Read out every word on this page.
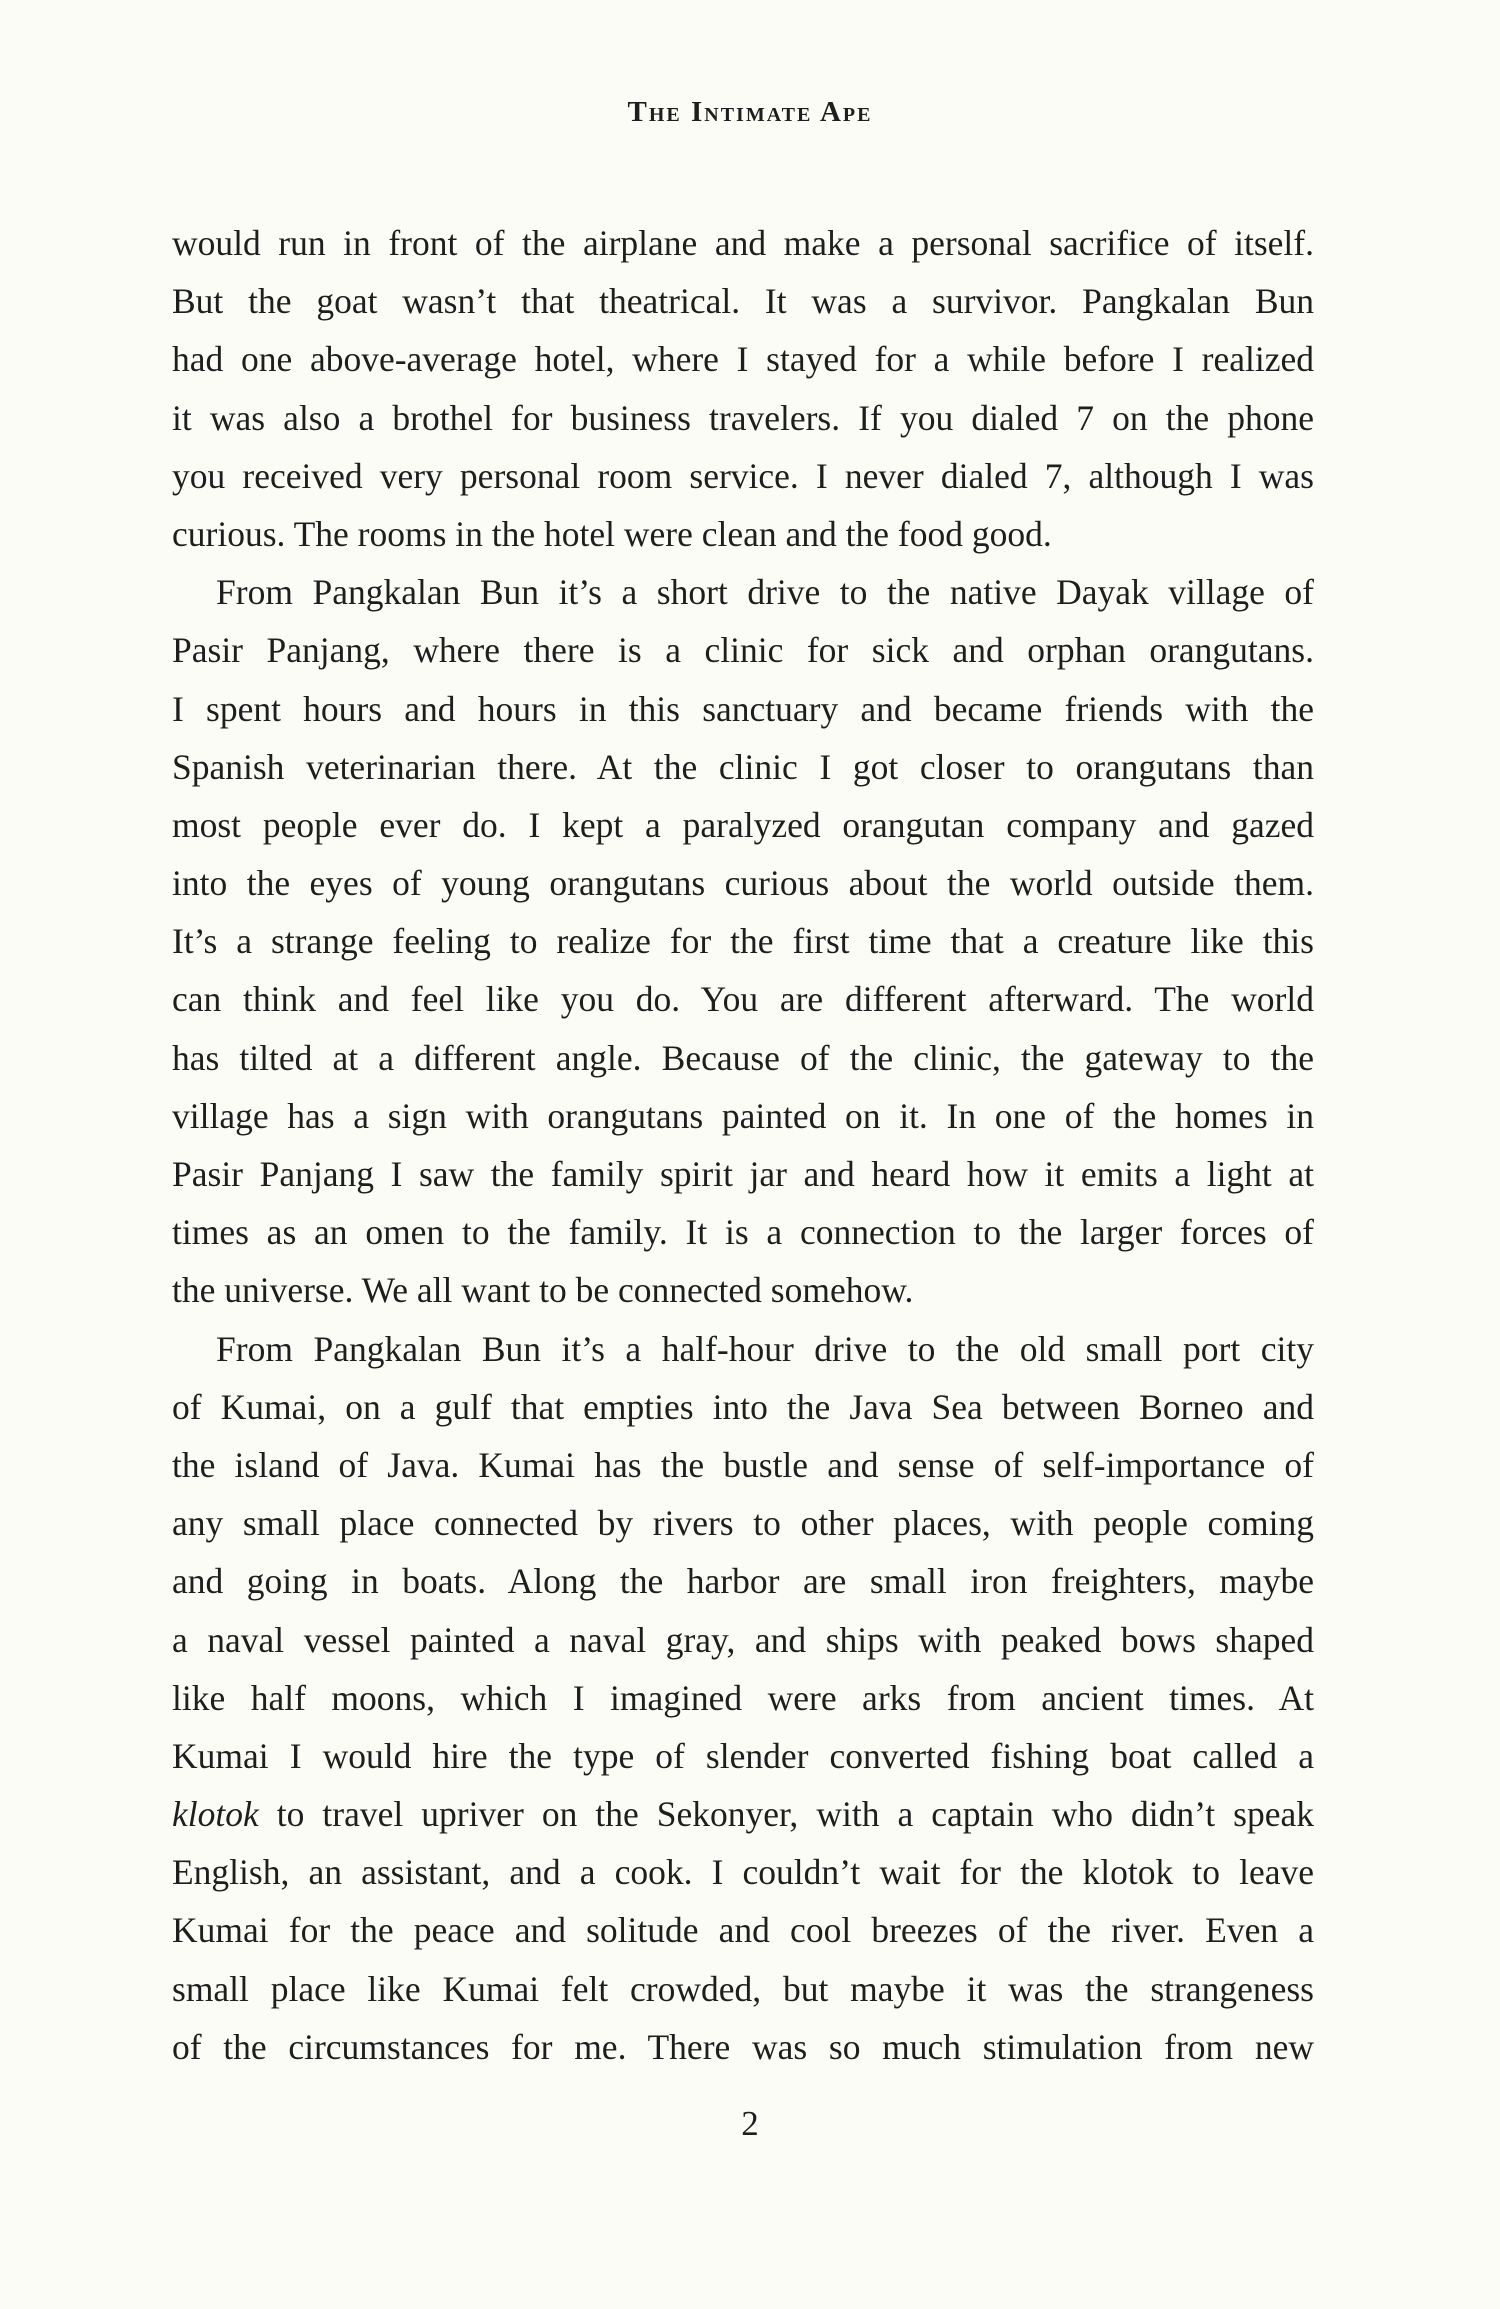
The Intimate Ape
would run in front of the airplane and make a personal sacrifice of itself.
But the goat wasn’t that theatrical. It was a survivor. Pangkalan Bun
had one above-average hotel, where I stayed for a while before I realized
it was also a brothel for business travelers. If you dialed 7 on the phone
you received very personal room service. I never dialed 7, although I was
curious. The rooms in the hotel were clean and the food good.
From Pangkalan Bun it’s a short drive to the native Dayak village of
Pasir Panjang, where there is a clinic for sick and orphan orangutans.
I spent hours and hours in this sanctuary and became friends with the
Spanish veterinarian there. At the clinic I got closer to orangutans than
most people ever do. I kept a paralyzed orangutan company and gazed
into the eyes of young orangutans curious about the world outside them.
It’s a strange feeling to realize for the first time that a creature like this
can think and feel like you do. You are different afterward. The world
has tilted at a different angle. Because of the clinic, the gateway to the
village has a sign with orangutans painted on it. In one of the homes in
Pasir Panjang I saw the family spirit jar and heard how it emits a light at
times as an omen to the family. It is a connection to the larger forces of
the universe. We all want to be connected somehow.
From Pangkalan Bun it’s a half-hour drive to the old small port city
of Kumai, on a gulf that empties into the Java Sea between Borneo and
the island of Java. Kumai has the bustle and sense of self-importance of
any small place connected by rivers to other places, with people coming
and going in boats. Along the harbor are small iron freighters, maybe
a naval vessel painted a naval gray, and ships with peaked bows shaped
like half moons, which I imagined were arks from ancient times. At
Kumai I would hire the type of slender converted fishing boat called a
klotok to travel upriver on the Sekonyer, with a captain who didn’t speak
English, an assistant, and a cook. I couldn’t wait for the klotok to leave
Kumai for the peace and solitude and cool breezes of the river. Even a
small place like Kumai felt crowded, but maybe it was the strangeness
of the circumstances for me. There was so much stimulation from new
2
